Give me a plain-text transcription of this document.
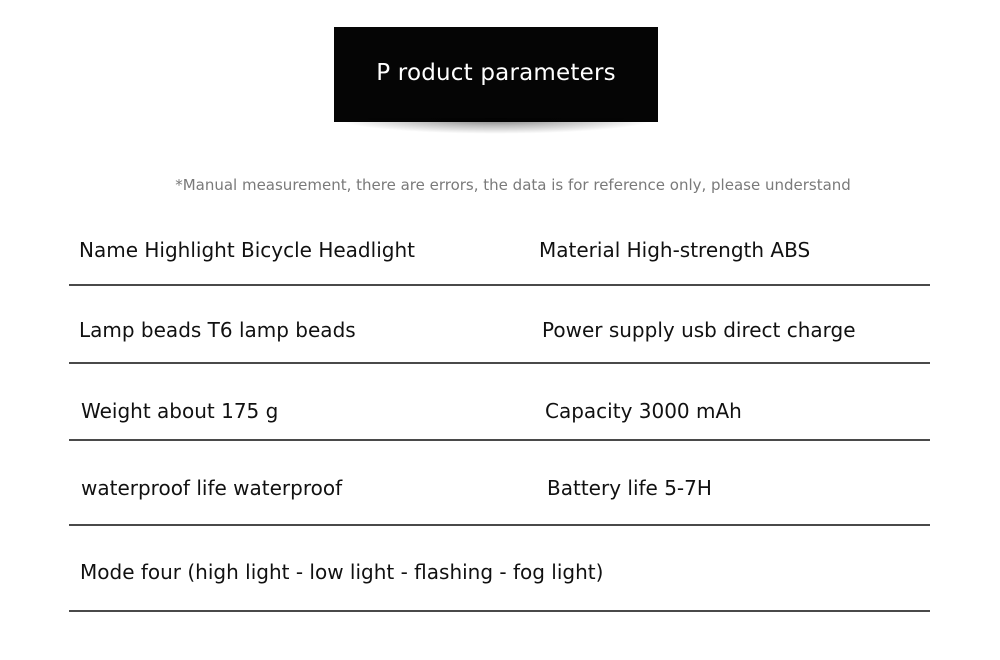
P roduct parameters
*Manual measurement, there are errors, the data is for reference only, please understand
Name Highlight Bicycle Headlight	Material High-strength ABS
Lamp beads T6 lamp beads	Power supply usb direct charge
Weight about 175 g	Capacity 3000 mAh
waterproof life waterproof	Battery life 5-7H
Mode four (high light - low light - flashing - fog light)
